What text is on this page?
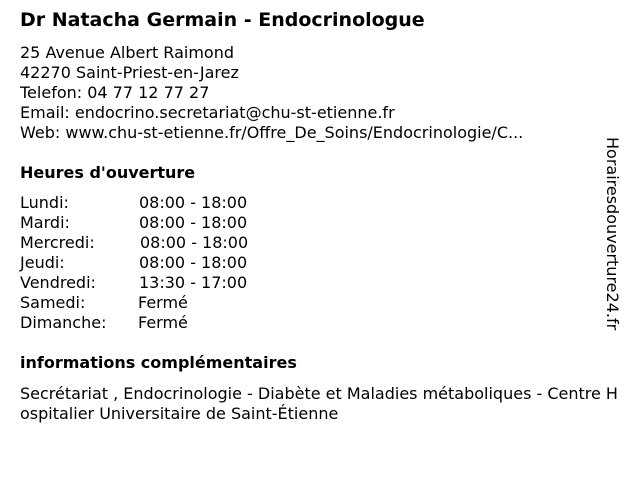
Dr Natacha Germain - Endocrinologue
25 Avenue Albert Raimond
42270 Saint-Priest-en-Jarez
Telefon: 04 77 12 77 27
Email: endocrino.secretariat@chu-st-etienne.fr
Web: www.chu-st-etienne.fr/Offre_De_Soins/Endocrinologie/C...
Heures d'ouverture
Lundi:	08:00 - 18:00
Mardi:	08:00 - 18:00
Mercredi:	08:00 - 18:00
Jeudi:	08:00 - 18:00
Vendredi:	13:30 - 17:00
Samedi:	Fermé
Dimanche: Fermé
informations complémentaires
Secrétariat , Endocrinologie - Diabète et Maladies métaboliques - Centre Hospitalier Universitaire de Saint-Étienne
Horairesdouverture24.fr
